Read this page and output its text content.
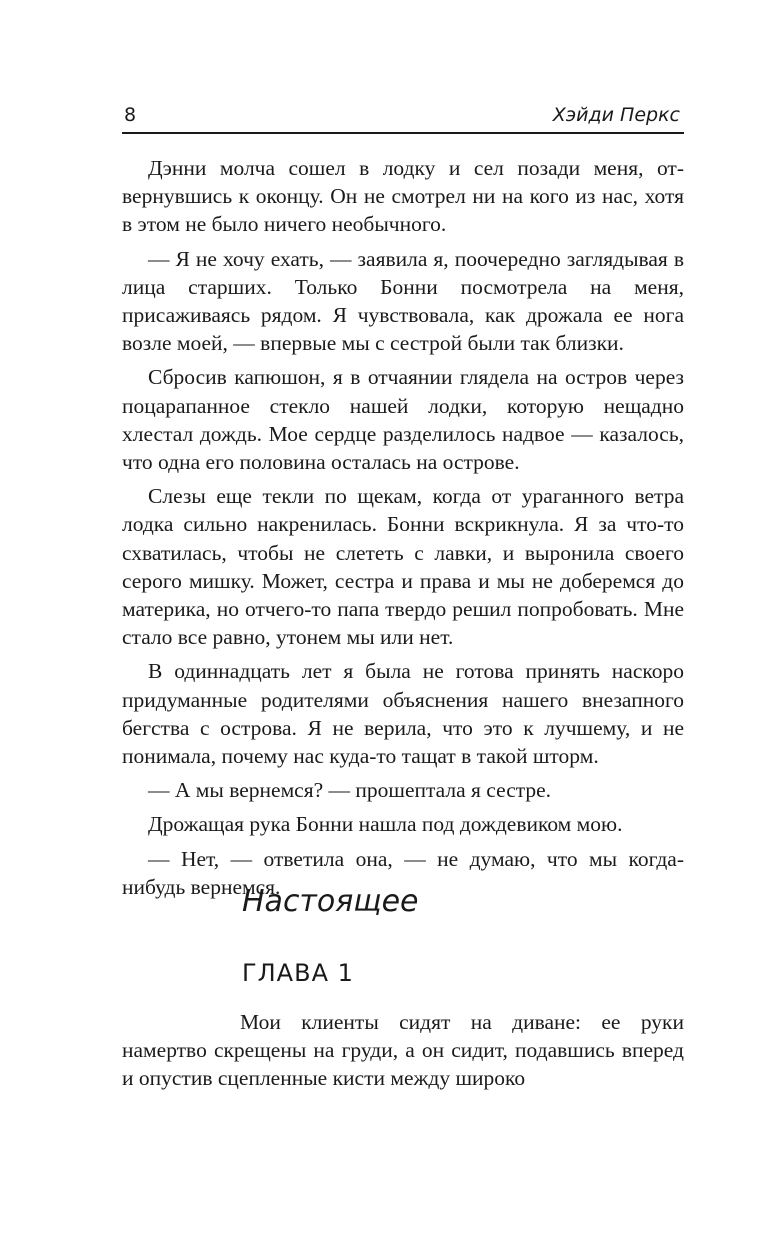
8	Хэйди Перкс

Дэнни молча сошел в лодку и сел позади меня, отвернувшись к оконцу. Он не смотрел ни на кого из нас, хотя в этом не было ничего необычного.

— Я не хочу ехать, — заявила я, поочередно заглядывая в лица старших. Только Бонни посмотрела на меня, присаживаясь рядом. Я чувствовала, как дрожала ее нога возле моей, — впервые мы с сестрой были так близки.

Сбросив капюшон, я в отчаянии глядела на остров через поцарапанное стекло нашей лодки, которую нещадно хлестал дождь. Мое сердце разделилось надвое — казалось, что одна его половина осталась на острове.

Слезы еще текли по щекам, когда от ураганного ветра лодка сильно накренилась. Бонни вскрикнула. Я за что-то схватилась, чтобы не слететь с лавки, и выронила своего серого мишку. Может, сестра и права и мы не доберемся до материка, но отчего-то папа твердо решил попробовать. Мне стало все равно, утонем мы или нет.

В одиннадцать лет я была не готова принять наскоро придуманные родителями объяснения нашего внезапного бегства с острова. Я не верила, что это к лучшему, и не понимала, почему нас куда-то тащат в такой шторм.

— А мы вернемся? — прошептала я сестре.

Дрожащая рука Бонни нашла под дождевиком мою.

— Нет, — ответила она, — не думаю, что мы когда-нибудь вернемся.

Настоящее
ГЛАВА 1

Мои клиенты сидят на диване: ее руки намертво скрещены на груди, а он сидит, подавшись вперед и опустив сцепленные кисти между широко
